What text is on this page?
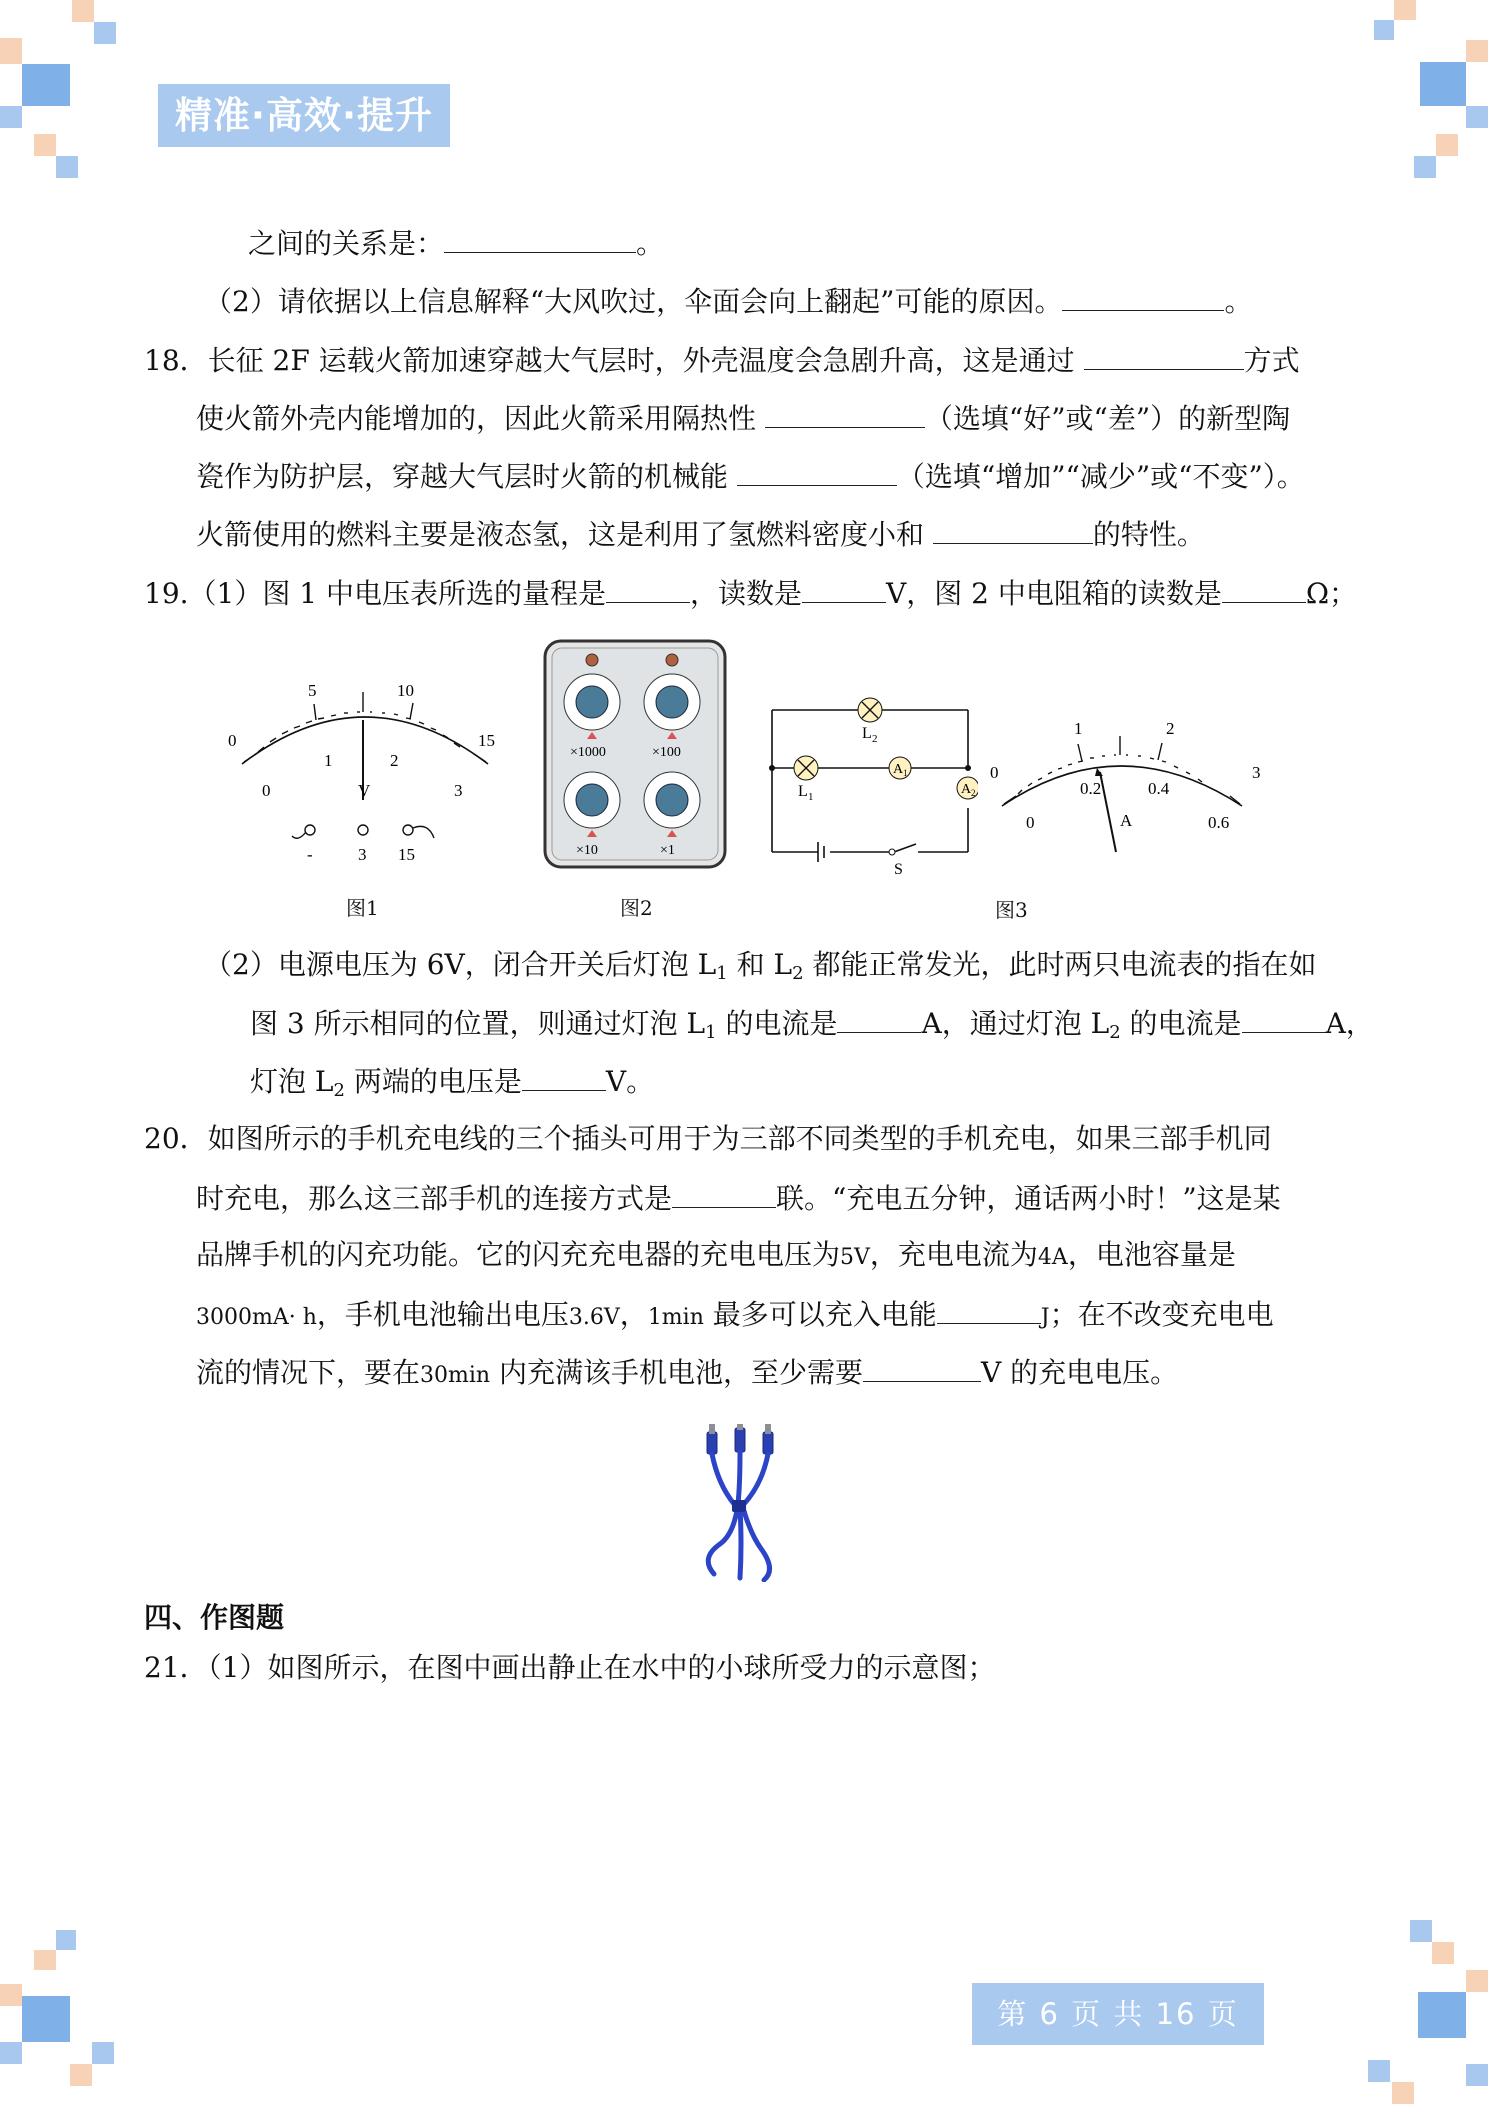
精准·高效·提升
之间的关系是：	。
（2）请依据以上信息解释“大风吹过，伞面会向上翻起”可能的原因。	。
18．长征 2F 运载火箭加速穿越大气层时，外壳温度会急剧升高，这是通过	方式
使火箭外壳内能增加的，因此火箭采用隔热性	（选填“好”或“差”）的新型陶
瓷作为防护层，穿越大气层时火箭的机械能	（选填“增加”“减少”或“不变”）。
火箭使用的燃料主要是液态氢，这是利用了氢燃料密度小和	的特性。
19.（1）图 1 中电压表所选的量程是	，读数是	V，图 2 中电阻箱的读数是	Ω；
0
5	10
15
0
1	2
3
V
-	3 15
图1
×1000	×100
×10	×1
图2
L 2
L 1
A 1
A 2
S
0
1	2
3
0
0.2	0.4
0.6
A
图3
（2）电源电压为 6V，闭合开关后灯泡 $L_1$ 和 $L_2$ 都能正常发光，此时两只电流表的指在如
图 3 所示相同的位置，则通过灯泡 $L_1$ 的电流是	A，通过灯泡 $L_2$ 的电流是	A，
灯泡 $L_2$ 两端的电压是	V。
20．如图所示的手机充电线的三个插头可用于为三部不同类型的手机充电，如果三部手机同
时充电，那么这三部手机的连接方式是	联。“充电五分钟，通话两小时！”这是某
品牌手机的闪充功能。它的闪充充电器的充电电压为5V，充电电流为4A，电池容量是
3000mA· h，手机电池输出电压3.6V，1min 最多可以充入电能	J；在不改变充电电
流的情况下，要在30min 内充满该手机电池，至少需要	V 的充电电压。
四、作图题
21．（1）如图所示，在图中画出静止在水中的小球所受力的示意图；
第 6 页 共 16 页
